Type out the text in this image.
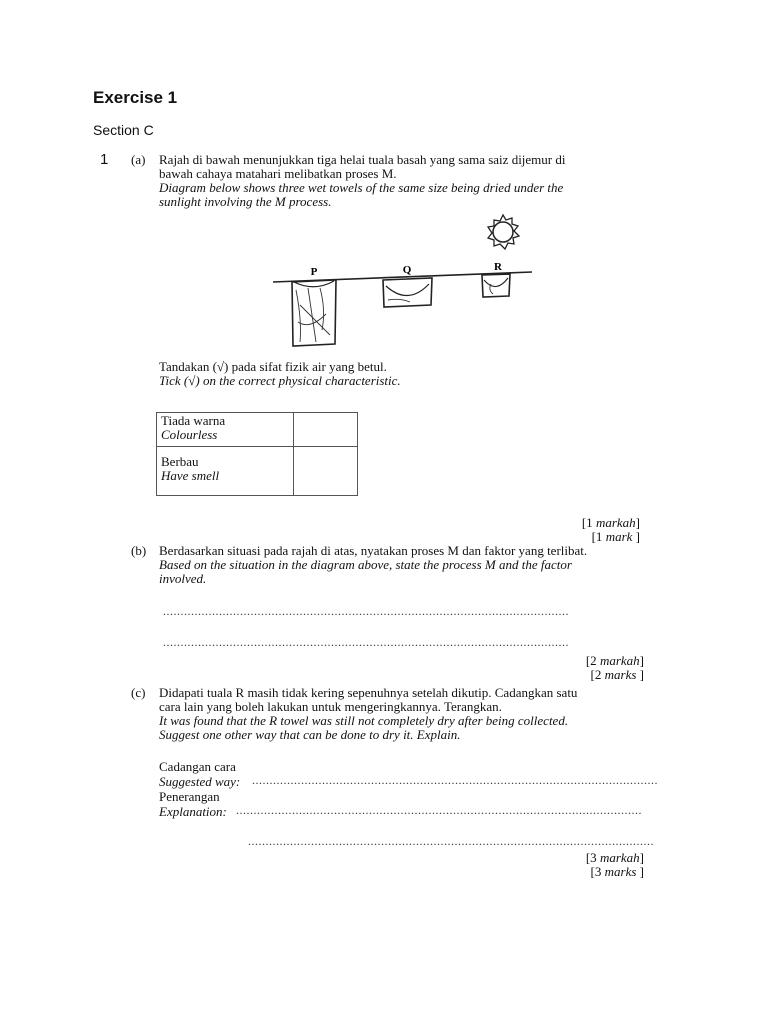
Exercise 1
Section C
1 (a) Rajah di bawah menunjukkan tiga helai tuala basah yang sama saiz dijemur di
bawah cahaya matahari melibatkan proses M.
Diagram below shows three wet towels of the same size being dried under the
sunlight involving the M process.
P	Q	R
Tandakan (√) pada sifat fizik air yang betul.
Tick (√) on the correct physical characteristic.
Tiada warna
Colourless	

Berbau
Have smell	

[1 markah]
[1 mark ]
(b) Berdasarkan situasi pada rajah di atas, nyatakan proses M dan faktor yang terlibat.
Based on the situation in the diagram above, state the process M and the factor
involved.
....................................................................................................................
....................................................................................................................
[2 markah]
[2 marks ]
(c) Didapati tuala R masih tidak kering sepenuhnya setelah dikutip. Cadangkan satu
cara lain yang boleh lakukan untuk mengeringkannya. Terangkan.
It was found that the R towel was still not completely dry after being collected.
Suggest one other way that can be done to dry it. Explain.
Cadangan cara
Suggested way: ....................................................................................................................
Penerangan
Explanation: ....................................................................................................................
....................................................................................................................
[3 markah]
[3 marks ]
